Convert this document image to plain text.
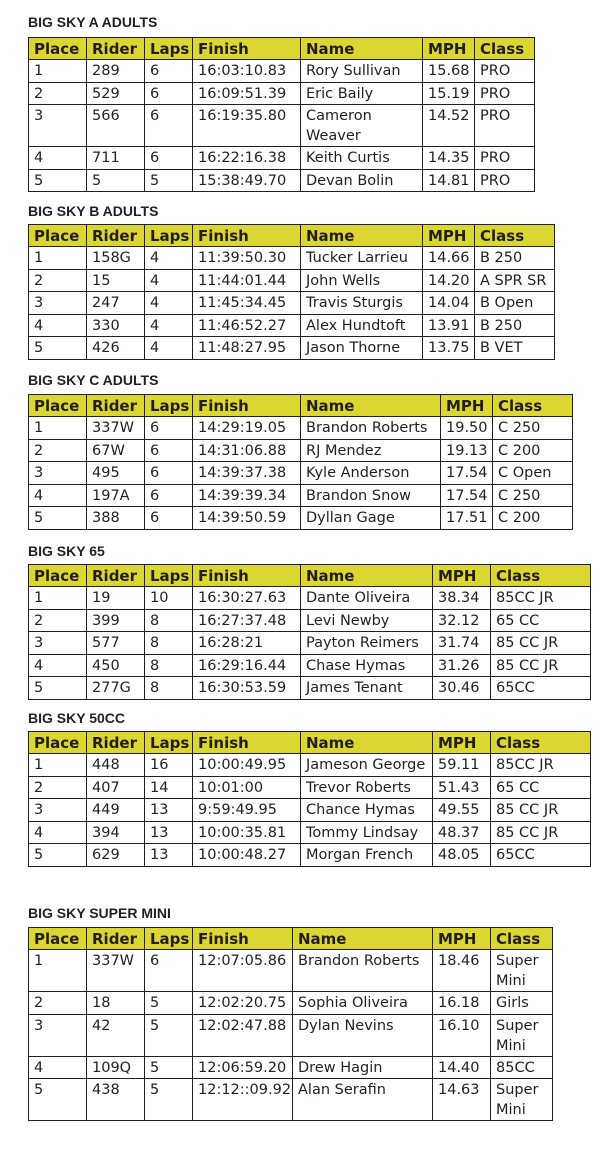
BIG SKY A ADULTS
Place	Rider	Laps	Finish	Name	MPH	Class
1	289	6	16:03:10.83	Rory Sullivan	15.68	PRO
2	529	6	16:09:51.39	Eric Baily	15.19	PRO
3	566	6	16:19:35.80	Cameron Weaver	14.52	PRO
4	711	6	16:22:16.38	Keith Curtis	14.35	PRO
5	5	5	15:38:49.70	Devan Bolin	14.81	PRO
BIG SKY B ADULTS
Place	Rider	Laps	Finish	Name	MPH	Class
1	158G	4	11:39:50.30	Tucker Larrieu	14.66	B 250
2	15	4	11:44:01.44	John Wells	14.20	A SPR SR
3	247	4	11:45:34.45	Travis Sturgis	14.04	B Open
4	330	4	11:46:52.27	Alex Hundtoft	13.91	B 250
5	426	4	11:48:27.95	Jason Thorne	13.75	B VET
BIG SKY C ADULTS
Place	Rider	Laps	Finish	Name	MPH	Class
1	337W	6	14:29:19.05	Brandon Roberts	19.50	C 250
2	67W	6	14:31:06.88	RJ Mendez	19.13	C 200
3	495	6	14:39:37.38	Kyle Anderson	17.54	C Open
4	197A	6	14:39:39.34	Brandon Snow	17.54	C 250
5	388	6	14:39:50.59	Dyllan Gage	17.51	C 200
BIG SKY 65
Place	Rider	Laps	Finish	Name	MPH	Class
1	19	10	16:30:27.63	Dante Oliveira	38.34	85CC JR
2	399	8	16:27:37.48	Levi Newby	32.12	65 CC
3	577	8	16:28:21	Payton Reimers	31.74	85 CC JR
4	450	8	16:29:16.44	Chase Hymas	31.26	85 CC JR
5	277G	8	16:30:53.59	James Tenant	30.46	65CC
BIG SKY 50CC
Place	Rider	Laps	Finish	Name	MPH	Class
1	448	16	10:00:49.95	Jameson George	59.11	85CC JR
2	407	14	10:01:00	Trevor Roberts	51.43	65 CC
3	449	13	9:59:49.95	Chance Hymas	49.55	85 CC JR
4	394	13	10:00:35.81	Tommy Lindsay	48.37	85 CC JR
5	629	13	10:00:48.27	Morgan French	48.05	65CC
BIG SKY SUPER MINI
Place	Rider	Laps	Finish	Name	MPH	Class
1	337W	6	12:07:05.86	Brandon Roberts	18.46	Super Mini
2	18	5	12:02:20.75	Sophia Oliveira	16.18	Girls
3	42	5	12:02:47.88	Dylan Nevins	16.10	Super Mini
4	109Q	5	12:06:59.20	Drew Hagin	14.40	85CC
5	438	5	12:12::09.92	Alan Serafin	14.63	Super Mini
